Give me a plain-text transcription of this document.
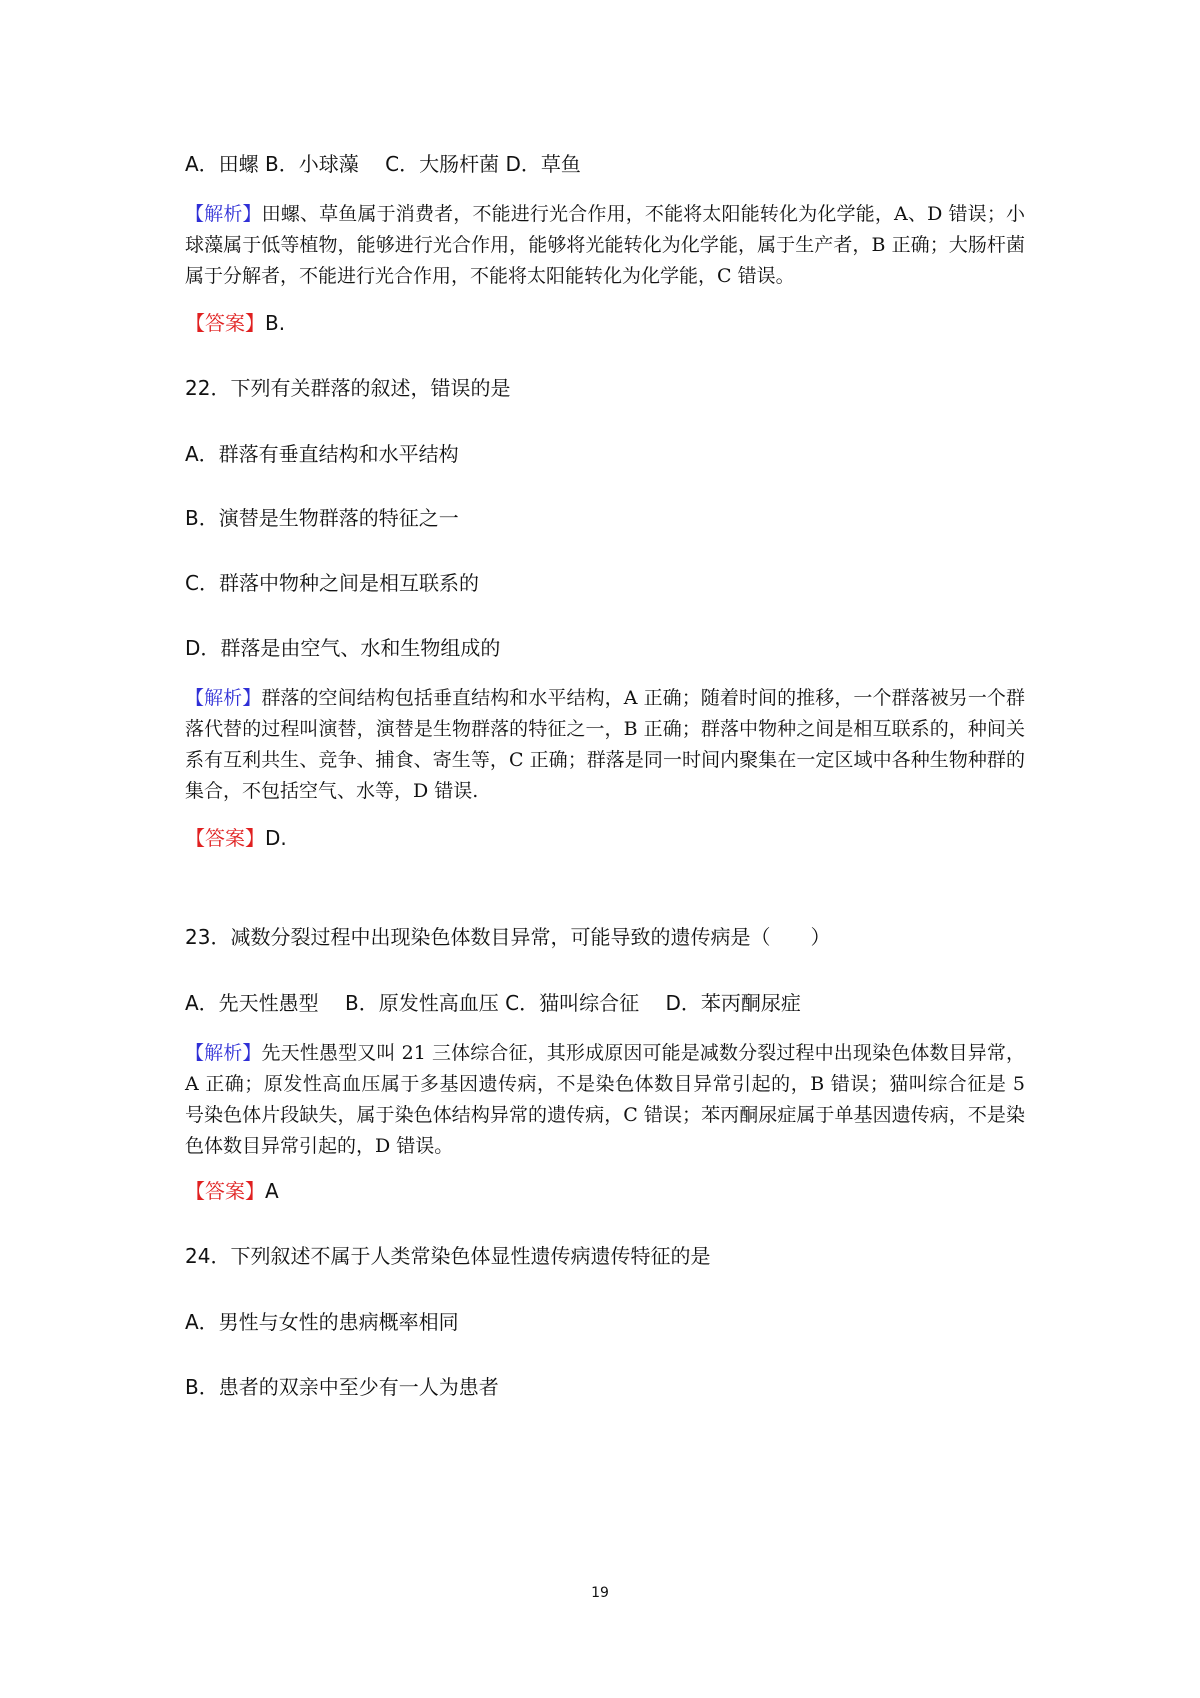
A．田螺 B．小球藻　 C．大肠杆菌 D．草鱼
【解析】田螺、草鱼属于消费者，不能进行光合作用，不能将太阳能转化为化学能，A、D 错误；小球藻属于低等植物，能够进行光合作用，能够将光能转化为化学能，属于生产者，B 正确；大肠杆菌属于分解者，不能进行光合作用，不能将太阳能转化为化学能，C 错误。
【答案】B.
22．下列有关群落的叙述，错误的是
A．群落有垂直结构和水平结构
B．演替是生物群落的特征之一
C．群落中物种之间是相互联系的
D．群落是由空气、水和生物组成的
【解析】群落的空间结构包括垂直结构和水平结构，A 正确；随着时间的推移，一个群落被另一个群落代替的过程叫演替，演替是生物群落的特征之一，B 正确；群落中物种之间是相互联系的，种间关系有互利共生、竞争、捕食、寄生等，C 正确；群落是同一时间内聚集在一定区域中各种生物种群的集合，不包括空气、水等，D 错误.
【答案】D.
23．减数分裂过程中出现染色体数目异常，可能导致的遗传病是（　　）
A．先天性愚型　 B．原发性高血压 C．猫叫综合征　 D．苯丙酮尿症
【解析】先天性愚型又叫 21 三体综合征，其形成原因可能是减数分裂过程中出现染色体数目异常，A 正确；原发性高血压属于多基因遗传病，不是染色体数目异常引起的，B 错误；猫叫综合征是 5 号染色体片段缺失，属于染色体结构异常的遗传病，C 错误；苯丙酮尿症属于单基因遗传病，不是染色体数目异常引起的，D 错误。
【答案】A
24．下列叙述不属于人类常染色体显性遗传病遗传特征的是
A．男性与女性的患病概率相同
B．患者的双亲中至少有一人为患者
19
